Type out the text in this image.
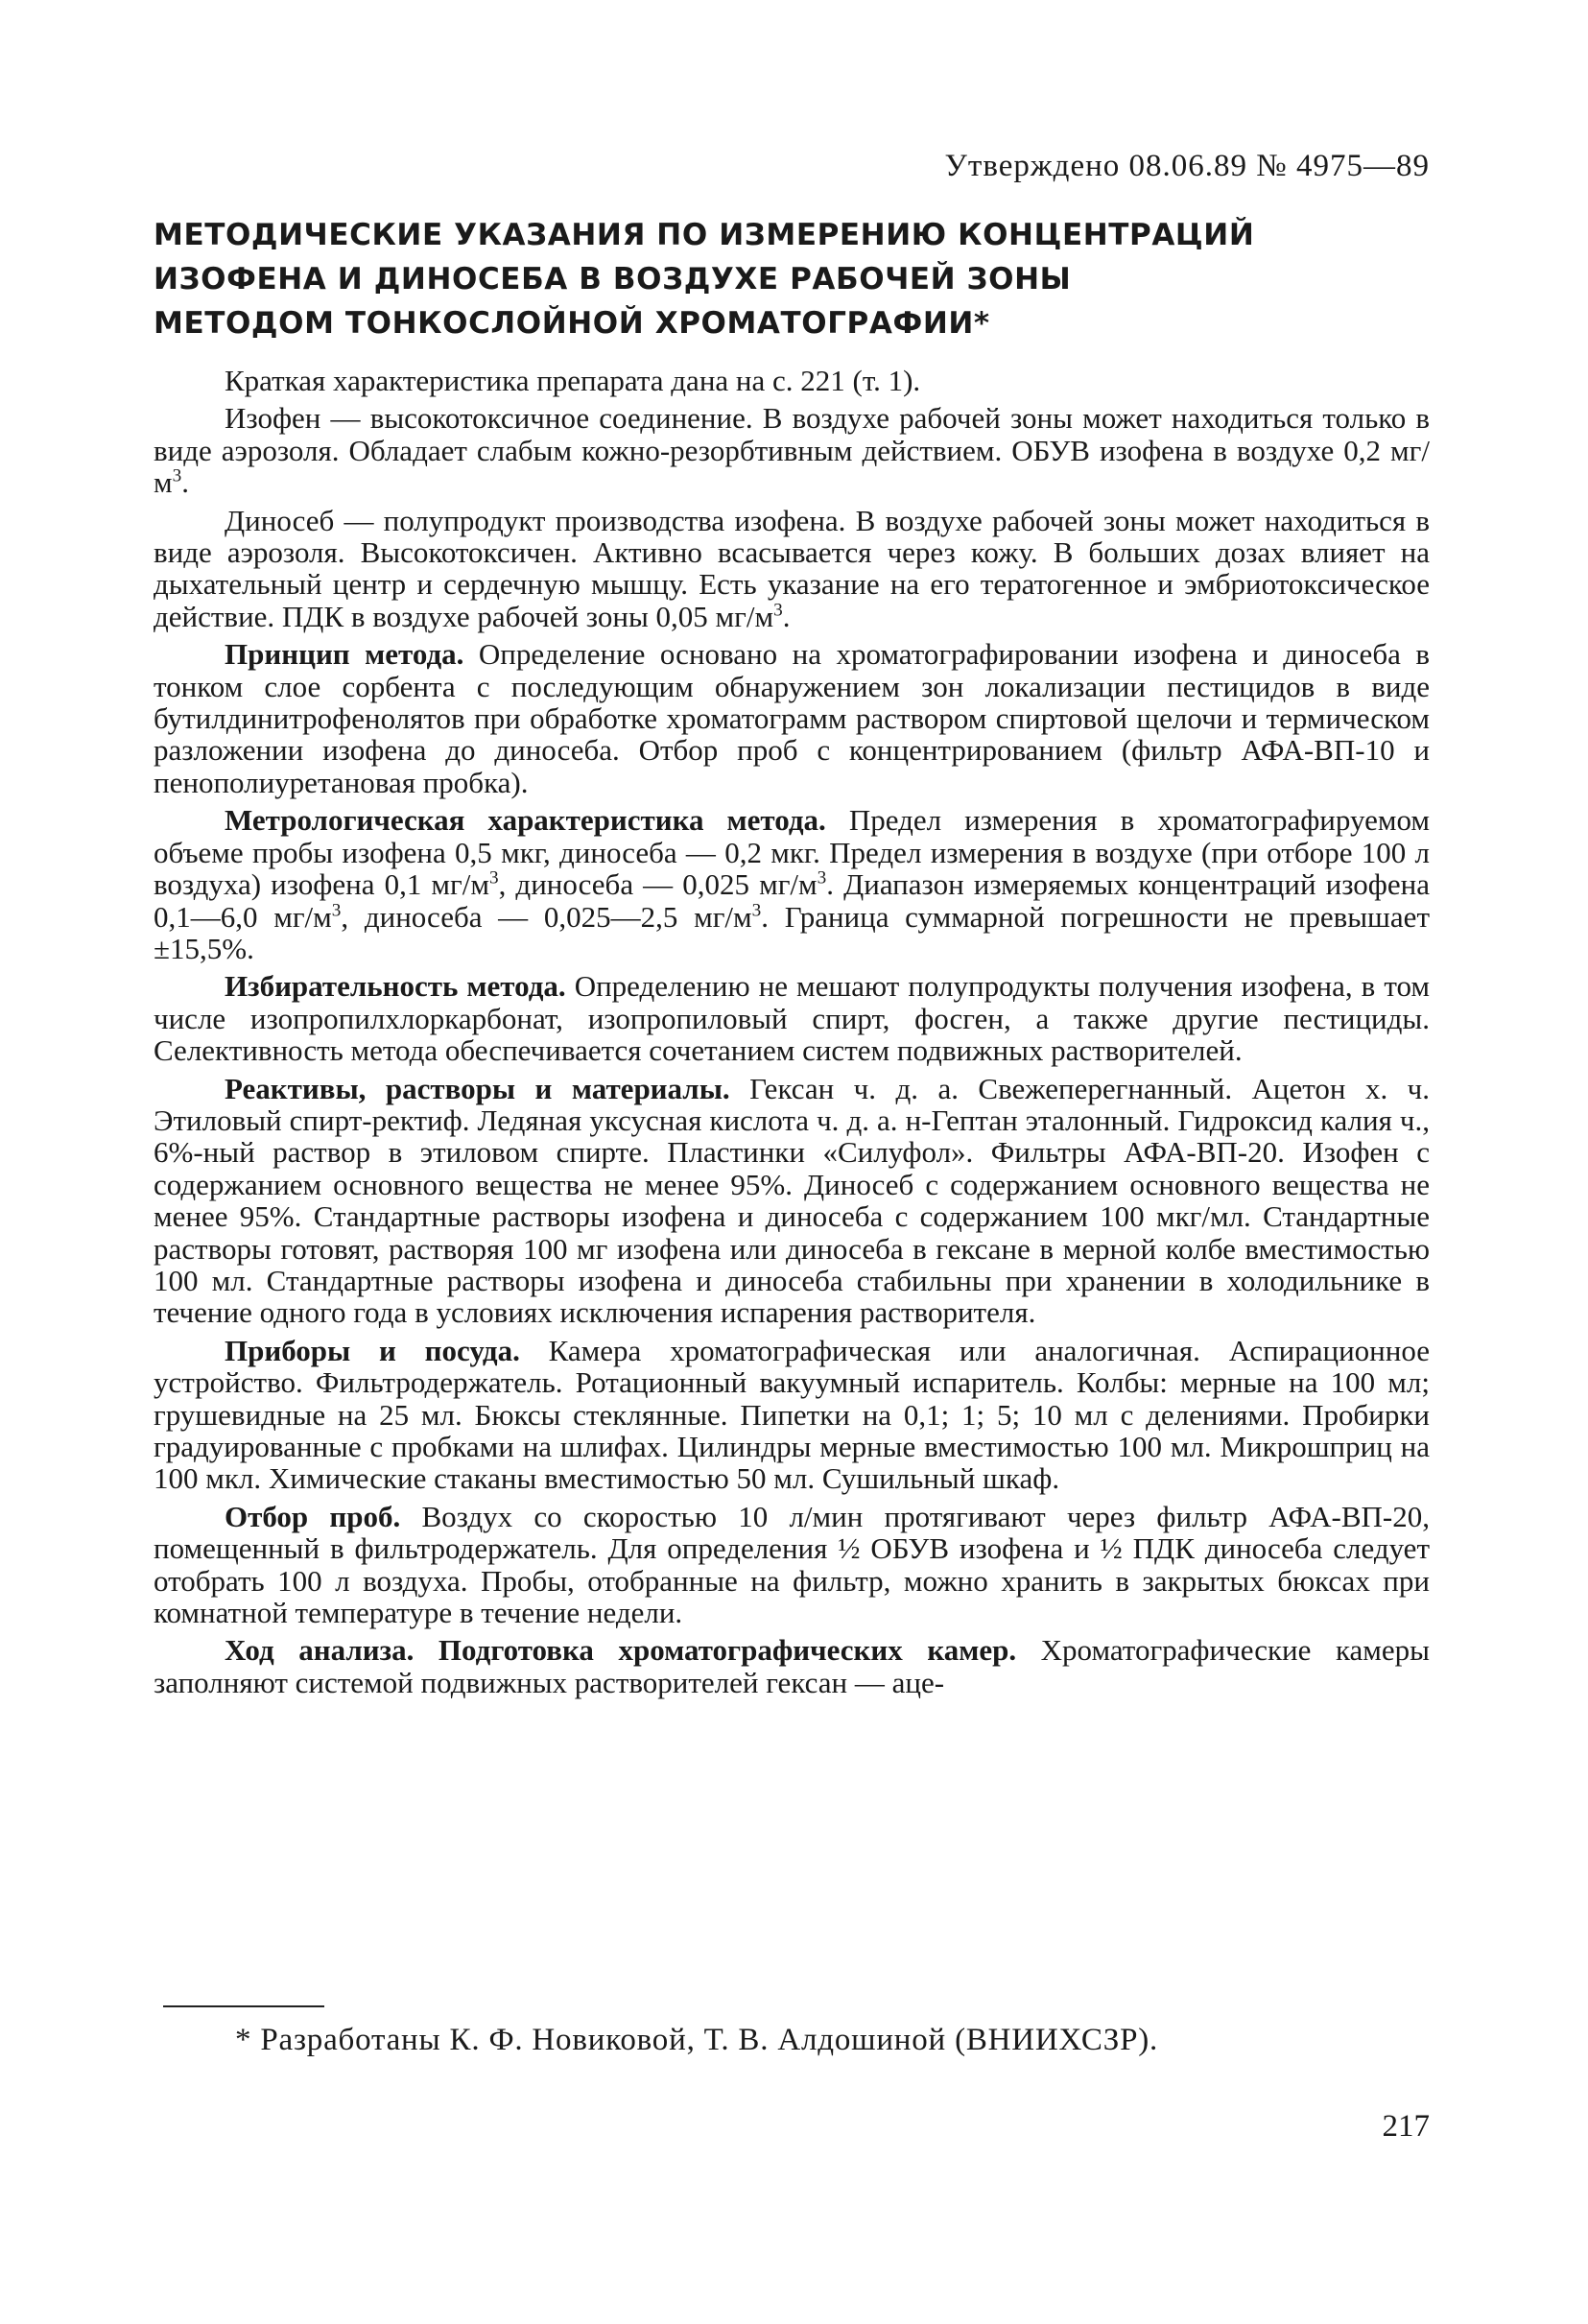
Утверждено 08.06.89 № 4975—89
МЕТОДИЧЕСКИЕ УКАЗАНИЯ ПО ИЗМЕРЕНИЮ КОНЦЕНТРАЦИЙ
ИЗОФЕНА И ДИНОСЕБА В ВОЗДУХЕ РАБОЧЕЙ ЗОНЫ
МЕТОДОМ ТОНКОСЛОЙНОЙ ХРОМАТОГРАФИИ*

Краткая характеристика препарата дана на с. 221 (т. 1).

Изофен — высокотоксичное соединение. В воздухе рабочей зоны может находиться только в виде аэрозоля. Обладает слабым кожно-резорбтивным действием. ОБУВ изофена в воздухе 0,2 $мг/м^3$.

Диносеб — полупродукт производства изофена. В воздухе рабочей зоны может находиться в виде аэрозоля. Высокотоксичен. Активно всасывается через кожу. В больших дозах влияет на дыхательный центр и сердечную мышцу. Есть указание на его тератогенное и эмбриотоксическое действие. ПДК в воздухе рабочей зоны 0,05 $мг/м^3$.

Принцип метода. Определение основано на хроматографировании изофена и диносеба в тонком слое сорбента с последующим обнаружением зон локализации пестицидов в виде бутилдинитрофенолятов при обработке хроматограмм раствором спиртовой щелочи и термическом разложении изофена до диносеба. Отбор проб с концентрированием (фильтр АФА-ВП-10 и пенополиуретановая пробка).

Метрологическая характеристика метода. Предел измерения в хроматографируемом объеме пробы изофена 0,5 мкг, диносеба — 0,2 мкг. Предел измерения в воздухе (при отборе 100 л воздуха) изофена 0,1 $мг/м^3$, диносеба — 0,025 $мг/м^3$. Диапазон измеряемых концентраций изофена 0,1—6,0 $мг/м^3$, диносеба — 0,025—2,5 $мг/м^3$. Граница суммарной погрешности не превышает ±15,5%.

Избирательность метода. Определению не мешают полупродукты получения изофена, в том числе изопропилхлоркарбонат, изопропиловый спирт, фосген, а также другие пестициды. Селективность метода обеспечивается сочетанием систем подвижных растворителей.

Реактивы, растворы и материалы. Гексан ч. д. а. Свежеперегнанный. Ацетон х. ч. Этиловый спирт-ректиф. Ледяная уксусная кислота ч. д. а. н-Гептан эталонный. Гидроксид калия ч., 6%-ный раствор в этиловом спирте. Пластинки «Силуфол». Фильтры АФА-ВП-20. Изофен с содержанием основного вещества не менее 95%. Диносеб с содержанием основного вещества не менее 95%. Стандартные растворы изофена и диносеба с содержанием 100 мкг/мл. Стандартные растворы готовят, растворяя 100 мг изофена или диносеба в гексане в мерной колбе вместимостью 100 мл. Стандартные растворы изофена и диносеба стабильны при хранении в холодильнике в течение одного года в условиях исключения испарения растворителя.

Приборы и посуда. Камера хроматографическая или аналогичная. Аспирационное устройство. Фильтродержатель. Ротационный вакуумный испаритель. Колбы: мерные на 100 мл; грушевидные на 25 мл. Бюксы стеклянные. Пипетки на 0,1; 1; 5; 10 мл с делениями. Пробирки градуированные с пробками на шлифах. Цилиндры мерные вместимостью 100 мл. Микрошприц на 100 мкл. Химические стаканы вместимостью 50 мл. Сушильный шкаф.

Отбор проб. Воздух со скоростью 10 л/мин протягивают через фильтр АФА-ВП-20, помещенный в фильтродержатель. Для определения ½ ОБУВ изофена и ½ ПДК диносеба следует отобрать 100 л воздуха. Пробы, отобранные на фильтр, можно хранить в закрытых бюксах при комнатной температуре в течение недели.

Ход анализа. Подготовка хроматографических камер. Хроматографические камеры заполняют системой подвижных растворителей гексан — аце-

* Разработаны К. Ф. Новиковой, Т. В. Алдошиной (ВНИИХСЗР).
217
